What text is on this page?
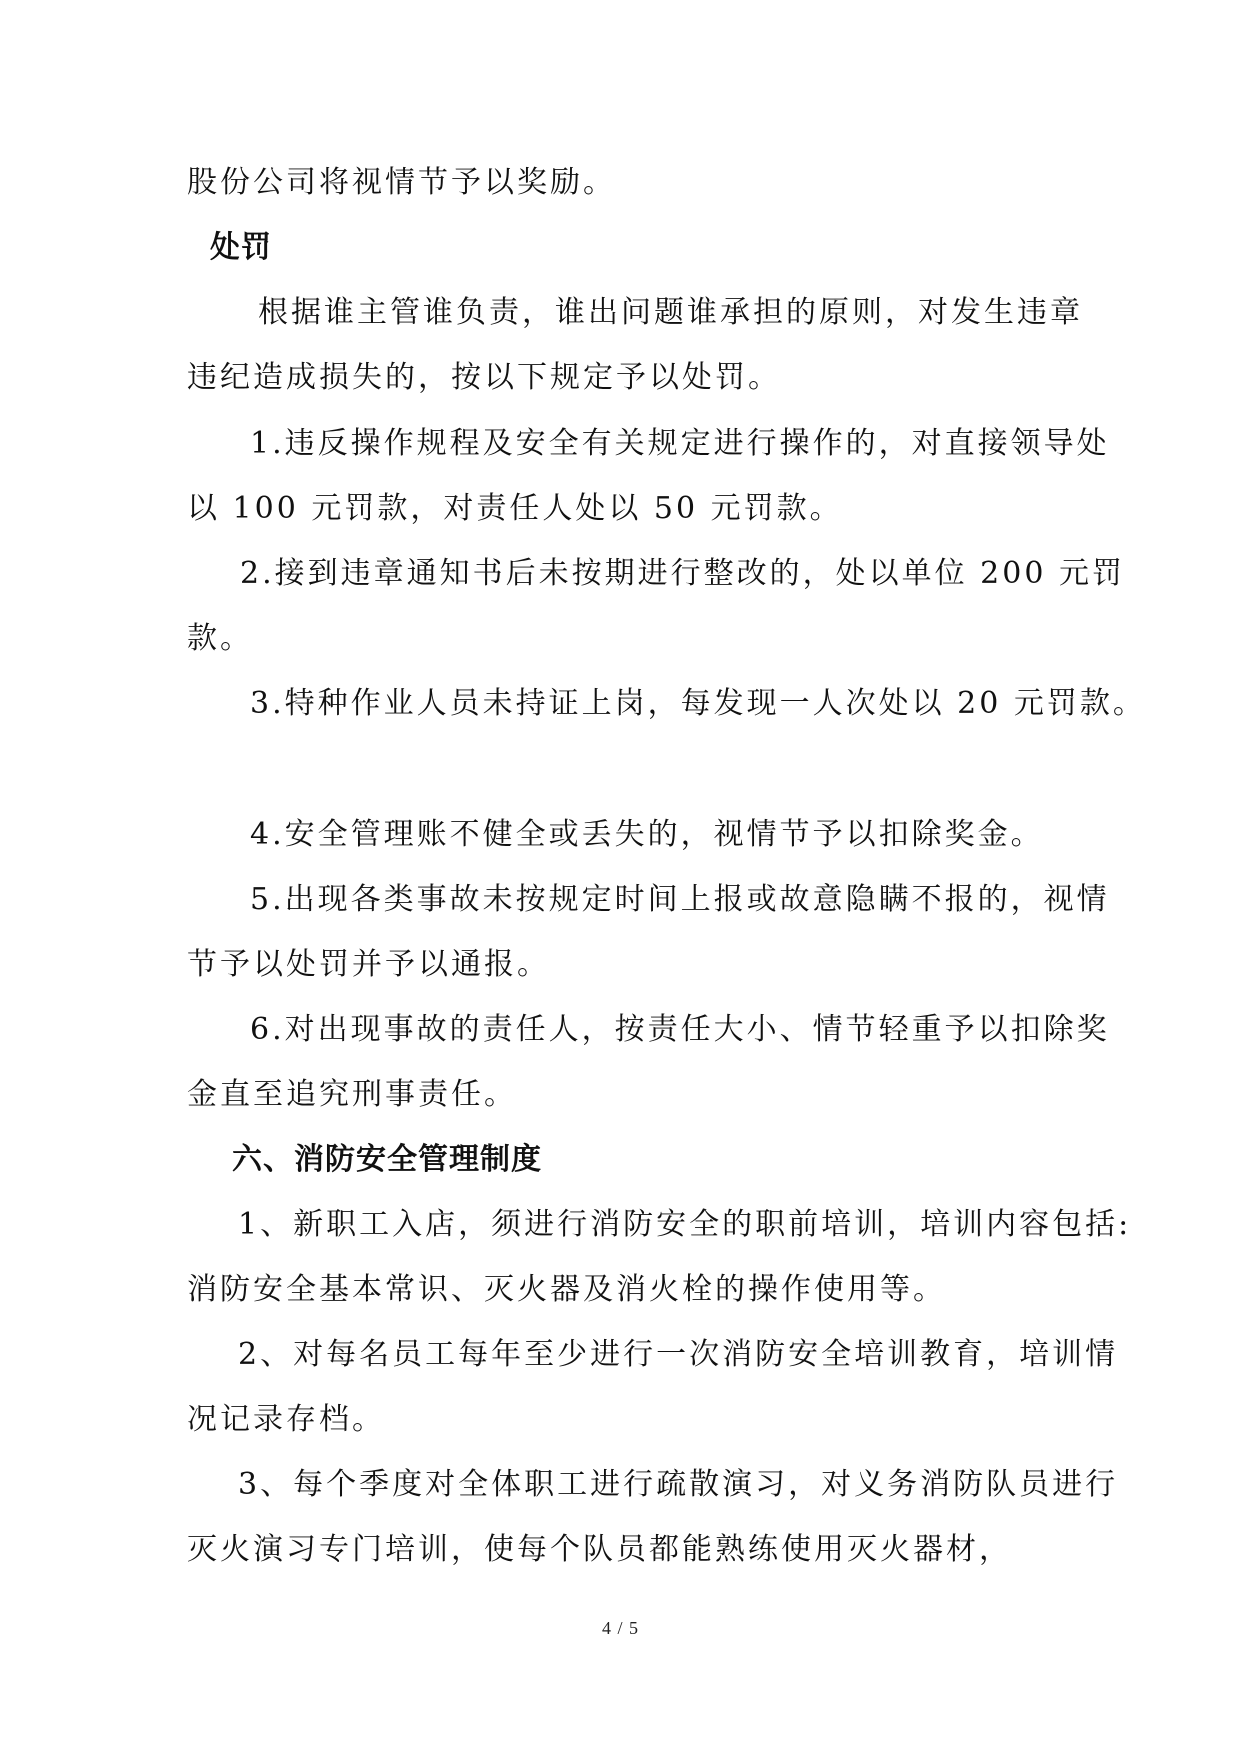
股份公司将视情节予以奖励。

处罚

根据谁主管谁负责，谁出问题谁承担的原则，对发生违章

违纪造成损失的，按以下规定予以处罚。

1.违反操作规程及安全有关规定进行操作的，对直接领导处

以 100 元罚款，对责任人处以 50 元罚款。

2.接到违章通知书后未按期进行整改的，处以单位 200 元罚

款。

3.特种作业人员未持证上岗，每发现一人次处以 20 元罚款。

4.安全管理账不健全或丢失的，视情节予以扣除奖金。

5.出现各类事故未按规定时间上报或故意隐瞒不报的，视情

节予以处罚并予以通报。

6.对出现事故的责任人，按责任大小、情节轻重予以扣除奖

金直至追究刑事责任。

六、消防安全管理制度

1、新职工入店，须进行消防安全的职前培训，培训内容包括:

消防安全基本常识、灭火器及消火栓的操作使用等。

2、对每名员工每年至少进行一次消防安全培训教育，培训情

况记录存档。

3、每个季度对全体职工进行疏散演习，对义务消防队员进行

灭火演习专门培训，使每个队员都能熟练使用灭火器材，

4 / 5
